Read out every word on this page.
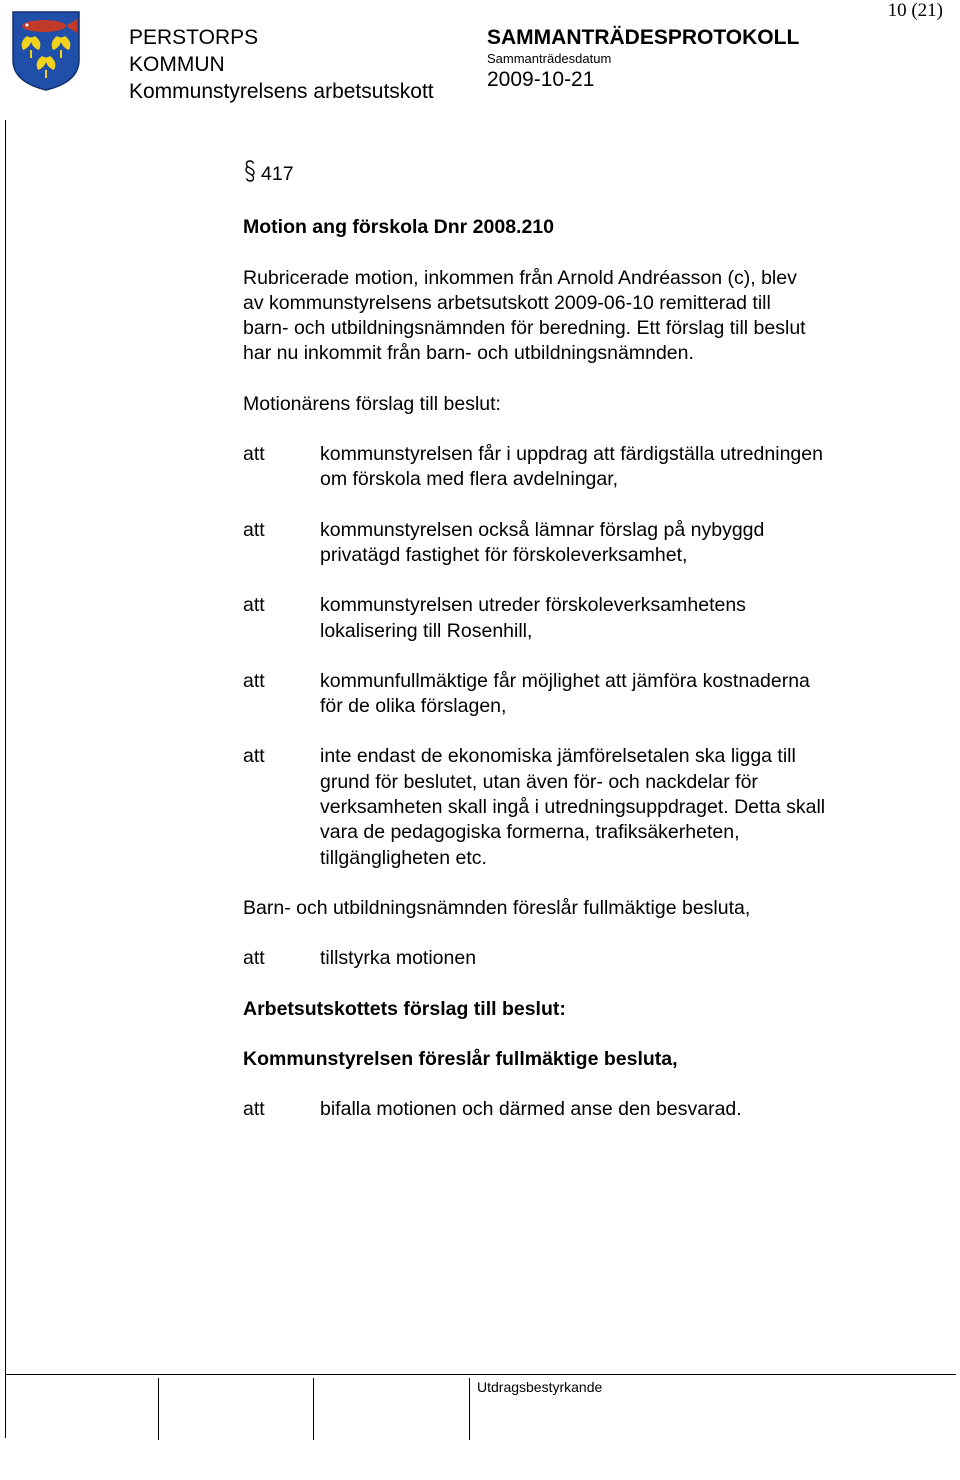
10 (21)
PERSTORPS
KOMMUN
Kommunstyrelsens arbetsutskott
SAMMANTRÄDESPROTOKOLL
Sammanträdesdatum
2009-10-21
Utdragsbestyrkande
417

Motion ang förskola Dnr 2008.210

Rubricerade motion, inkommen från Arnold Andréasson (c), blev
av kommunstyrelsens arbetsutskott 2009-06-10 remitterad till
barn- och utbildningsnämnden för beredning. Ett förslag till beslut
har nu inkommit från barn- och utbildningsnämnden.

Motionärens förslag till beslut:

att	kommunstyrelsen får i uppdrag att färdigställa utredningen
om förskola med flera avdelningar,
att	kommunstyrelsen också lämnar förslag på nybyggd
privatägd fastighet för förskoleverksamhet,
att	kommunstyrelsen utreder förskoleverksamhetens
lokalisering till Rosenhill,
att	kommunfullmäktige får möjlighet att jämföra kostnaderna
för de olika förslagen,
att	inte endast de ekonomiska jämförelsetalen ska ligga till
grund för beslutet, utan även för- och nackdelar för
verksamheten skall ingå i utredningsuppdraget. Detta skall
vara de pedagogiska formerna, trafiksäkerheten,
tillgängligheten etc.

Barn- och utbildningsnämnden föreslår fullmäktige besluta,

att	tillstyrka motionen

Arbetsutskottets förslag till beslut:

Kommunstyrelsen föreslår fullmäktige besluta,

att	bifalla motionen och därmed anse den besvarad.
